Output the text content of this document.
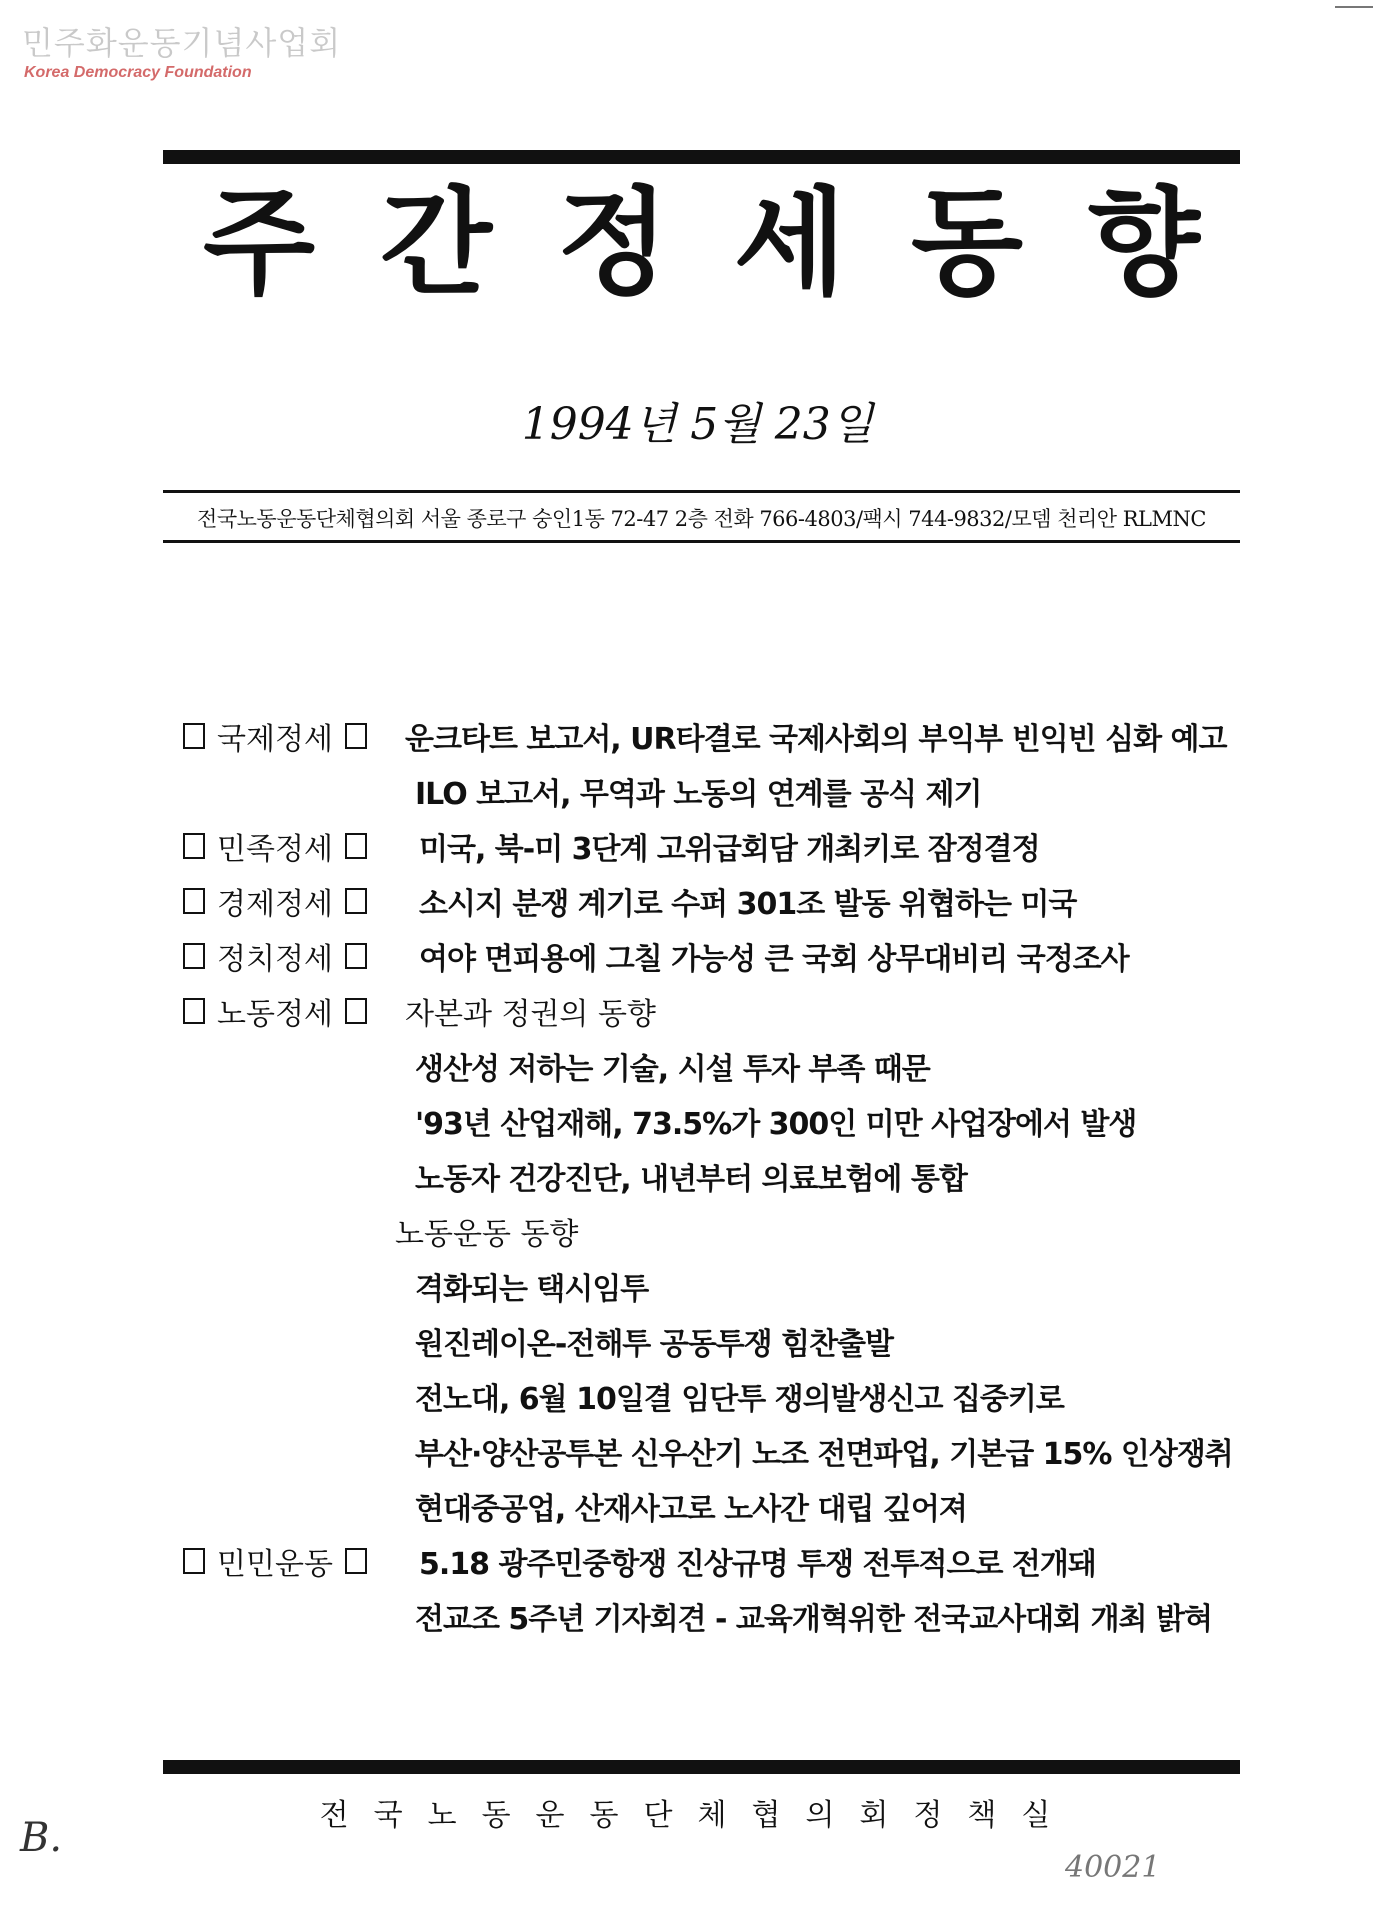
민주화운동기념사업회
Korea Democracy Foundation
주 간 정 세 동 향
1994년 5월 23일
전국노동운동단체협의회 서울 종로구 숭인1동 72-47 2층 전화 766-4803/팩시 744-9832/모뎀 천리안 RLMNC
국제정세 운크타트 보고서, UR타결로 국제사회의 부익부 빈익빈 심화 예고
ILO 보고서, 무역과 노동의 연계를 공식 제기
민족정세	미국, 북-미 3단계 고위급회담 개최키로 잠정결정
경제정세	소시지 분쟁 계기로 수퍼 301조 발동 위협하는 미국
정치정세	여야 면피용에 그칠 가능성 큰 국회 상무대비리 국정조사
노동정세 자본과 정권의 동향
생산성 저하는 기술, 시설 투자 부족 때문
'93년 산업재해, 73.5%가 300인 미만 사업장에서 발생
노동자 건강진단, 내년부터 의료보험에 통합
노동운동 동향
격화되는 택시임투
원진레이온-전해투 공동투쟁 힘찬출발
전노대, 6월 10일결 임단투 쟁의발생신고 집중키로
부산·양산공투본 신우산기 노조 전면파업, 기본급 15% 인상쟁취
현대중공업, 산재사고로 노사간 대립 깊어져
민민운동	5.18 광주민중항쟁 진상규명 투쟁 전투적으로 전개돼
전교조 5주년 기자회견 - 교육개혁위한 전국교사대회 개최 밝혀
전국노동운동단체협의회정책실
B.
40021
